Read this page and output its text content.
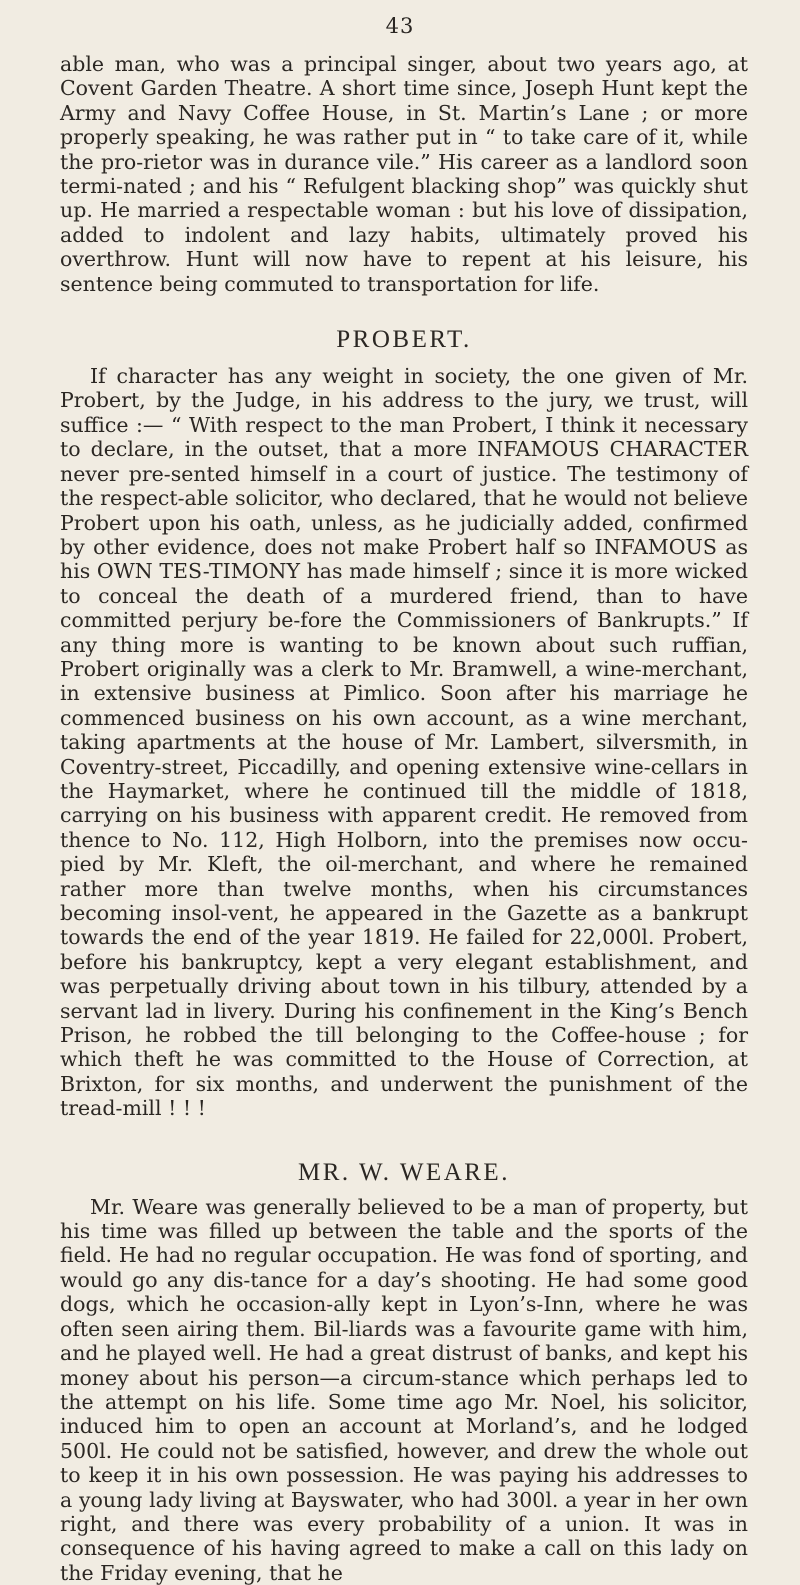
43

able man, who was a principal singer, about two years ago, at Covent Garden Theatre. A short time since, Joseph Hunt kept the Army and Navy Coffee House, in St. Martin’s Lane ; or more properly speaking, he was rather put in “ to take care of it, while the pro-rietor was in durance vile.” His career as a landlord soon termi-nated ; and his “ Refulgent blacking shop” was quickly shut up. He married a respectable woman : but his love of dissipation, added to indolent and lazy habits, ultimately proved his overthrow. Hunt will now have to repent at his leisure, his sentence being commuted to transportation for life.

PROBERT.

If character has any weight in society, the one given of Mr. Probert, by the Judge, in his address to the jury, we trust, will suffice :— “ With respect to the man Probert, I think it necessary to declare, in the outset, that a more INFAMOUS CHARACTER never pre-sented himself in a court of justice. The testimony of the respect-able solicitor, who declared, that he would not believe Probert upon his oath, unless, as he judicially added, confirmed by other evidence, does not make Probert half so INFAMOUS as his OWN TES-TIMONY has made himself ; since it is more wicked to conceal the death of a murdered friend, than to have committed perjury be-fore the Commissioners of Bankrupts.” If any thing more is wanting to be known about such ruffian, Probert originally was a clerk to Mr. Bramwell, a wine-merchant, in extensive business at Pimlico. Soon after his marriage he commenced business on his own account, as a wine merchant, taking apartments at the house of Mr. Lambert, silversmith, in Coventry-street, Piccadilly, and opening extensive wine-cellars in the Haymarket, where he continued till the middle of 1818, carrying on his business with apparent credit. He removed from thence to No. 112, High Holborn, into the premises now occu-pied by Mr. Kleft, the oil-merchant, and where he remained rather more than twelve months, when his circumstances becoming insol-vent, he appeared in the Gazette as a bankrupt towards the end of the year 1819. He failed for 22,000l. Probert, before his bankruptcy, kept a very elegant establishment, and was perpetually driving about town in his tilbury, attended by a servant lad in livery. During his confinement in the King’s Bench Prison, he robbed the till belonging to the Coffee-house ; for which theft he was committed to the House of Correction, at Brixton, for six months, and underwent the punishment of the tread-mill ! ! !

MR. W. WEARE.

Mr. Weare was generally believed to be a man of property, but his time was filled up between the table and the sports of the field. He had no regular occupation. He was fond of sporting, and would go any dis-tance for a day’s shooting. He had some good dogs, which he occasion-ally kept in Lyon’s-Inn, where he was often seen airing them. Bil-liards was a favourite game with him, and he played well. He had a great distrust of banks, and kept his money about his person—a circum-stance which perhaps led to the attempt on his life. Some time ago Mr. Noel, his solicitor, induced him to open an account at Morland’s, and he lodged 500l. He could not be satisfied, however, and drew the whole out to keep it in his own possession. He was paying his addresses to a young lady living at Bayswater, who had 300l. a year in her own right, and there was every probability of a union. It was in consequence of his having agreed to make a call on this lady on the Friday evening, that he
